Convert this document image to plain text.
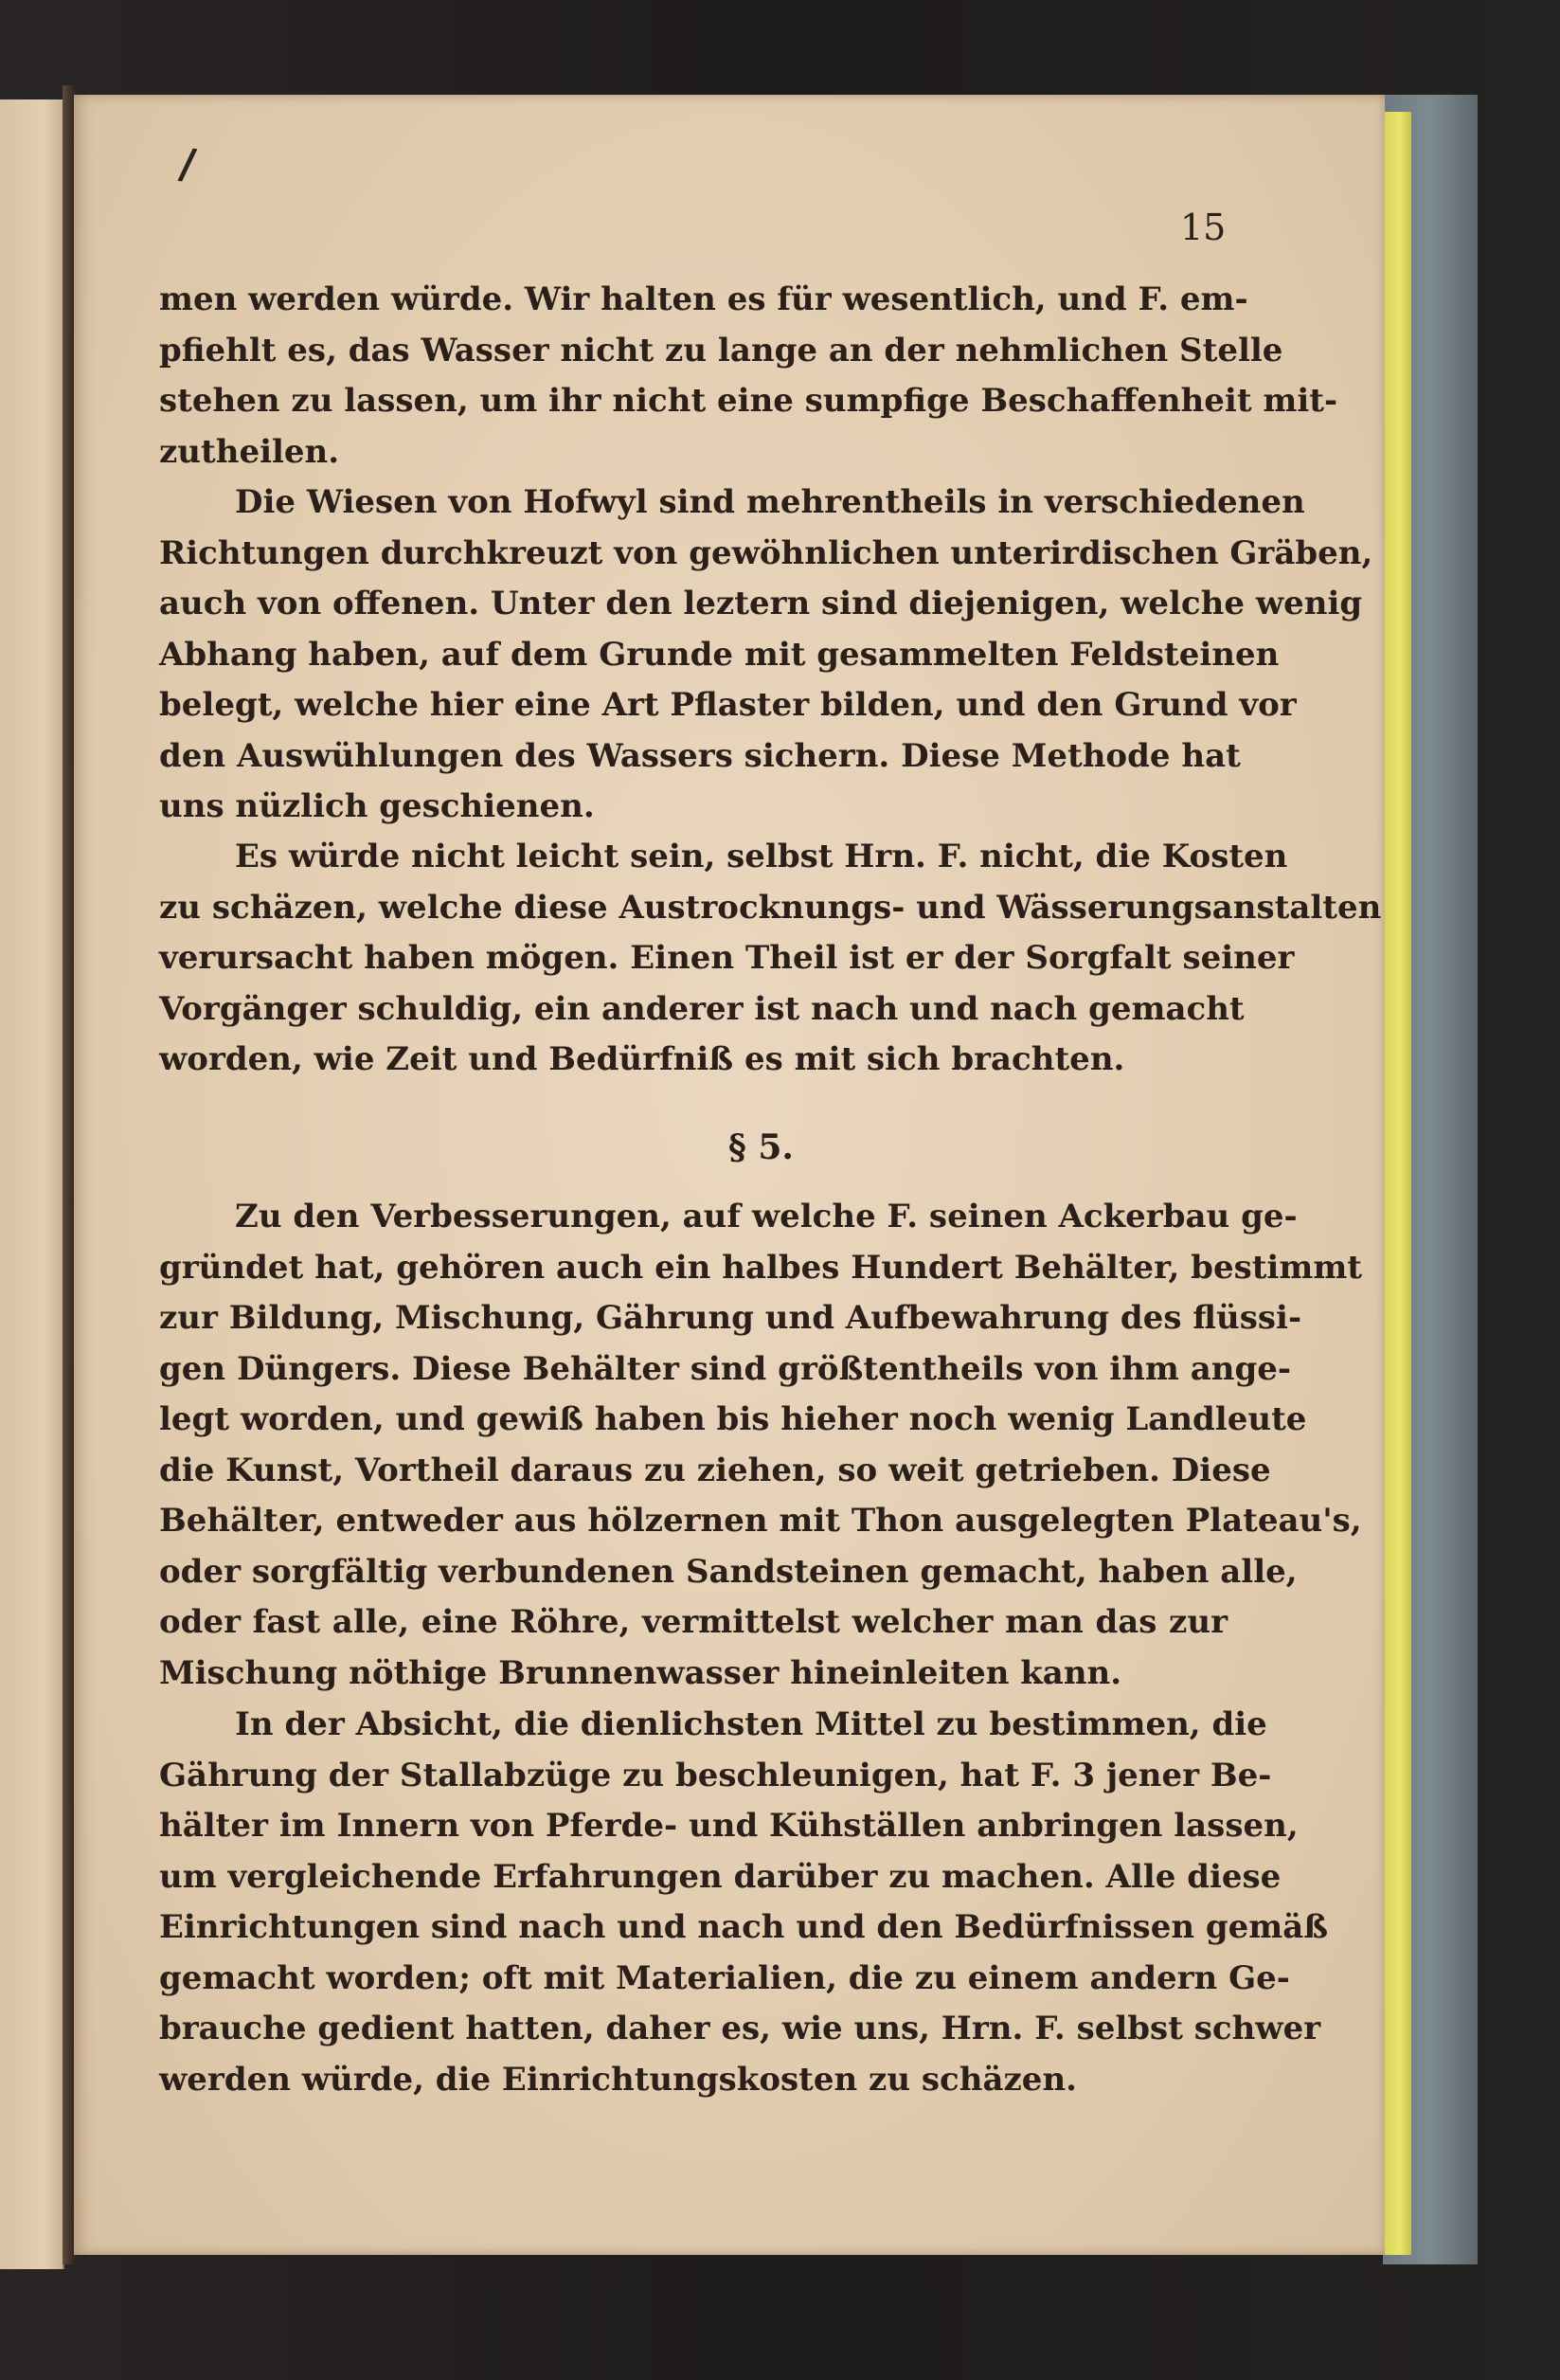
/
15

men werden würde. Wir halten es für wesentlich, und F. em-
pfiehlt es, das Wasser nicht zu lange an der nehmlichen Stelle
stehen zu lassen, um ihr nicht eine sumpfige Beschaffenheit mit-
zutheilen.

Die Wiesen von Hofwyl sind mehrentheils in verschiedenen
Richtungen durchkreuzt von gewöhnlichen unterirdischen Gräben,
auch von offenen. Unter den leztern sind diejenigen, welche wenig
Abhang haben, auf dem Grunde mit gesammelten Feldsteinen
belegt, welche hier eine Art Pflaster bilden, und den Grund vor
den Auswühlungen des Wassers sichern. Diese Methode hat
uns nüzlich geschienen.

Es würde nicht leicht sein, selbst Hrn. F. nicht, die Kosten
zu schäzen, welche diese Austrocknungs- und Wässerungsanstalten
verursacht haben mögen. Einen Theil ist er der Sorgfalt seiner
Vorgänger schuldig, ein anderer ist nach und nach gemacht
worden, wie Zeit und Bedürfniß es mit sich brachten.

§ 5.

Zu den Verbesserungen, auf welche F. seinen Ackerbau ge-
gründet hat, gehören auch ein halbes Hundert Behälter, bestimmt
zur Bildung, Mischung, Gährung und Aufbewahrung des flüssi-
gen Düngers. Diese Behälter sind größtentheils von ihm ange-
legt worden, und gewiß haben bis hieher noch wenig Landleute
die Kunst, Vortheil daraus zu ziehen, so weit getrieben. Diese
Behälter, entweder aus hölzernen mit Thon ausgelegten Plateau's,
oder sorgfältig verbundenen Sandsteinen gemacht, haben alle,
oder fast alle, eine Röhre, vermittelst welcher man das zur
Mischung nöthige Brunnenwasser hineinleiten kann.

In der Absicht, die dienlichsten Mittel zu bestimmen, die
Gährung der Stallabzüge zu beschleunigen, hat F. 3 jener Be-
hälter im Innern von Pferde- und Kühställen anbringen lassen,
um vergleichende Erfahrungen darüber zu machen. Alle diese
Einrichtungen sind nach und nach und den Bedürfnissen gemäß
gemacht worden; oft mit Materialien, die zu einem andern Ge-
brauche gedient hatten, daher es, wie uns, Hrn. F. selbst schwer
werden würde, die Einrichtungskosten zu schäzen.
